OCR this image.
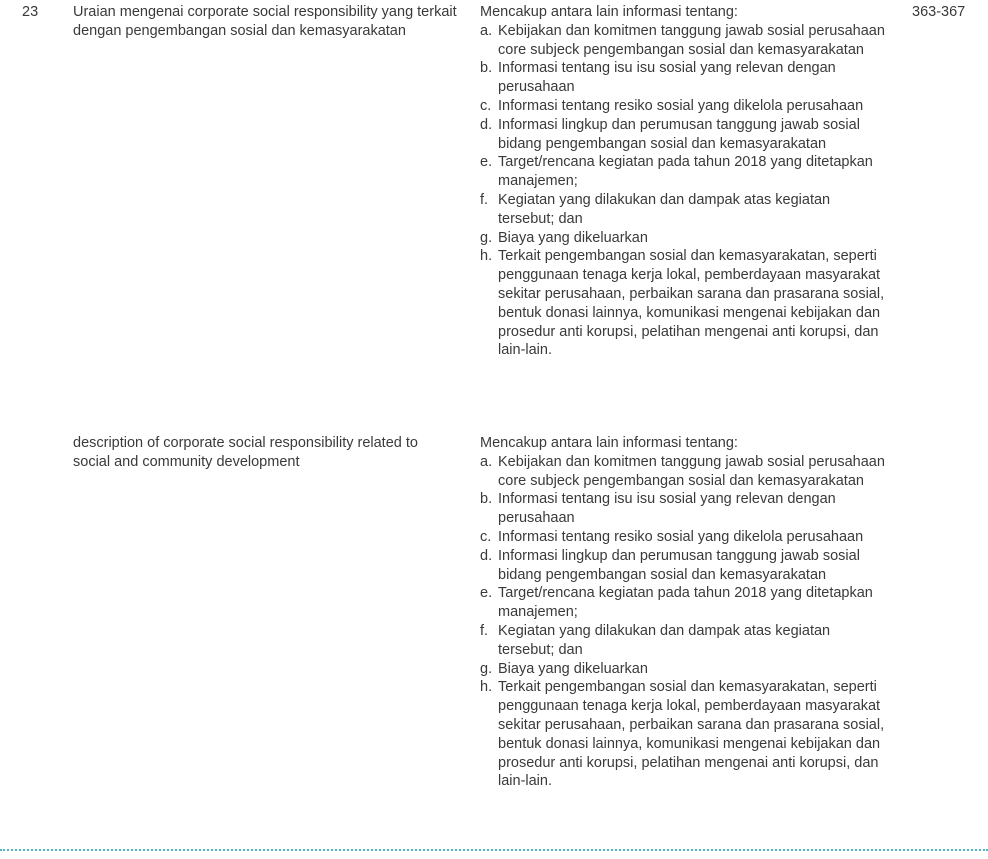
23 Uraian mengenai corporate social responsibility yang terkait dengan pengembangan sosial dan kemasyarakatan
Mencakup antara lain informasi tentang:
a. Kebijakan dan komitmen tanggung jawab sosial perusahaan core subjeck pengembangan sosial dan kemasyarakatan
b. Informasi tentang isu isu sosial yang relevan dengan perusahaan
c. Informasi tentang resiko sosial yang dikelola perusahaan
d. Informasi lingkup dan perumusan tanggung jawab sosial bidang pengembangan sosial dan kemasyarakatan
e. Target/rencana kegiatan pada tahun 2018 yang ditetapkan manajemen;
f. Kegiatan yang dilakukan dan dampak atas kegiatan tersebut; dan
g. Biaya yang dikeluarkan
h. Terkait pengembangan sosial dan kemasyarakatan, seperti penggunaan tenaga kerja lokal, pemberdayaan masyarakat sekitar perusahaan, perbaikan sarana dan prasarana sosial, bentuk donasi lainnya, komunikasi mengenai kebijakan dan prosedur anti korupsi, pelatihan mengenai anti korupsi, dan lain-lain.
363-367
description of corporate social responsibility related to social and community development
Mencakup antara lain informasi tentang:
a. Kebijakan dan komitmen tanggung jawab sosial perusahaan core subjeck pengembangan sosial dan kemasyarakatan
b. Informasi tentang isu isu sosial yang relevan dengan perusahaan
c. Informasi tentang resiko sosial yang dikelola perusahaan
d. Informasi lingkup dan perumusan tanggung jawab sosial bidang pengembangan sosial dan kemasyarakatan
e. Target/rencana kegiatan pada tahun 2018 yang ditetapkan manajemen;
f. Kegiatan yang dilakukan dan dampak atas kegiatan tersebut; dan
g. Biaya yang dikeluarkan
h. Terkait pengembangan sosial dan kemasyarakatan, seperti penggunaan tenaga kerja lokal, pemberdayaan masyarakat sekitar perusahaan, perbaikan sarana dan prasarana sosial, bentuk donasi lainnya, komunikasi mengenai kebijakan dan prosedur anti korupsi, pelatihan mengenai anti korupsi, dan lain-lain.
